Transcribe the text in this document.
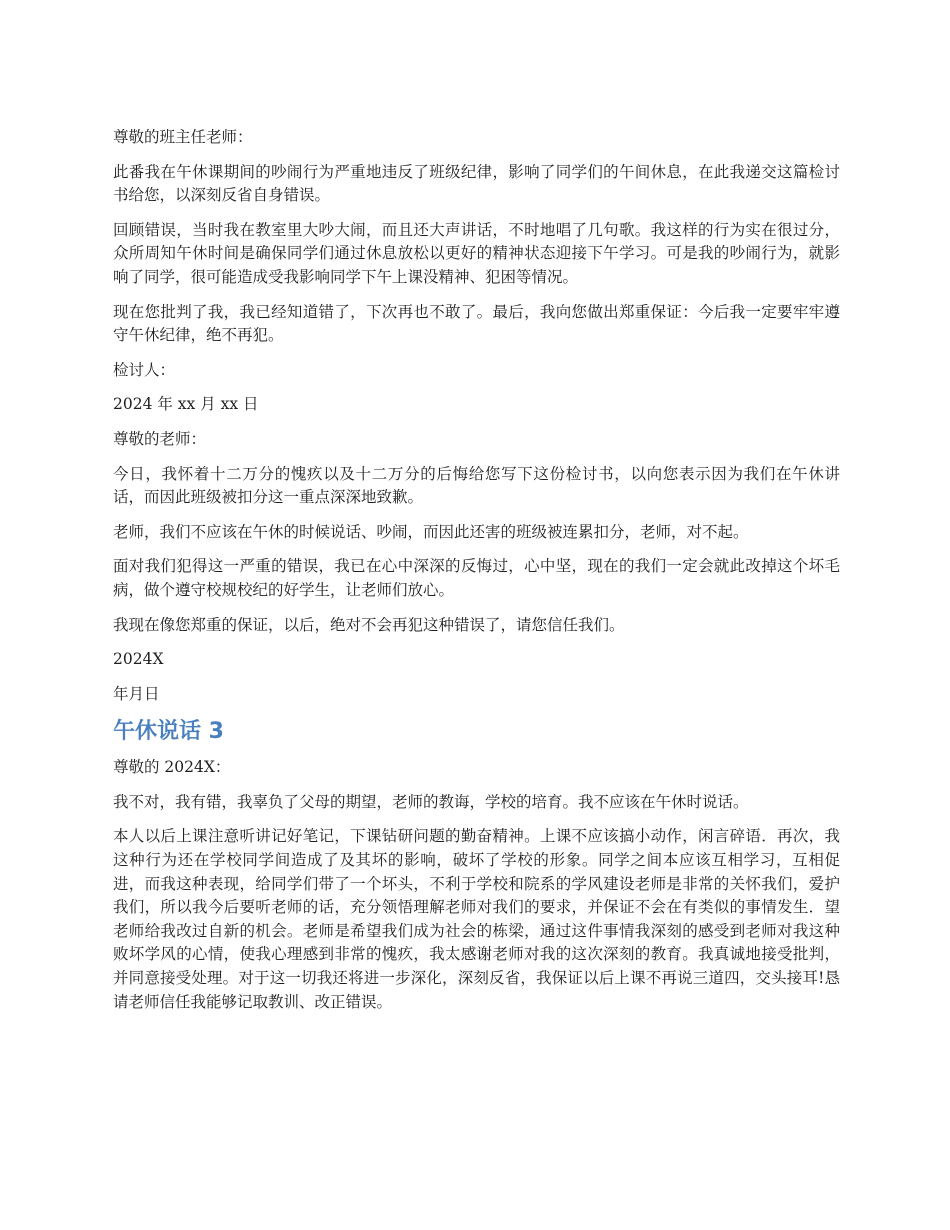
尊敬的班主任老师：

此番我在午休课期间的吵闹行为严重地违反了班级纪律，影响了同学们的午间休息，在此我递交这篇检讨书给您，以深刻反省自身错误。

回顾错误，当时我在教室里大吵大闹，而且还大声讲话，不时地唱了几句歌。我这样的行为实在很过分，众所周知午休时间是确保同学们通过休息放松以更好的精神状态迎接下午学习。可是我的吵闹行为，就影响了同学，很可能造成受我影响同学下午上课没精神、犯困等情况。

现在您批判了我，我已经知道错了，下次再也不敢了。最后，我向您做出郑重保证：今后我一定要牢牢遵守午休纪律，绝不再犯。

检讨人：

2024 年 xx 月 xx 日

尊敬的老师：

今日，我怀着十二万分的愧疚以及十二万分的后悔给您写下这份检讨书，以向您表示因为我们在午休讲话，而因此班级被扣分这一重点深深地致歉。

老师，我们不应该在午休的时候说话、吵闹，而因此还害的班级被连累扣分，老师，对不起。

面对我们犯得这一严重的错误，我已在心中深深的反悔过，心中坚，现在的我们一定会就此改掉这个坏毛病，做个遵守校规校纪的好学生，让老师们放心。

我现在像您郑重的保证，以后，绝对不会再犯这种错误了，请您信任我们。

2024X

年月日

午休说话 3

尊敬的 2024X：

我不对，我有错，我辜负了父母的期望，老师的教诲，学校的培育。我不应该在午休时说话。

本人以后上课注意听讲记好笔记，下课钻研问题的勤奋精神。上课不应该搞小动作，闲言碎语．再次，我这种行为还在学校同学间造成了及其坏的影响，破坏了学校的形象。同学之间本应该互相学习，互相促进，而我这种表现，给同学们带了一个坏头，不利于学校和院系的学风建设老师是非常的关怀我们，爱护我们，所以我今后要听老师的话，充分领悟理解老师对我们的要求，并保证不会在有类似的事情发生．望老师给我改过自新的机会。老师是希望我们成为社会的栋梁，通过这件事情我深刻的感受到老师对我这种败坏学风的心情，使我心理感到非常的愧疚，我太感谢老师对我的这次深刻的教育。我真诚地接受批判，并同意接受处理。对于这一切我还将进一步深化，深刻反省，我保证以后上课不再说三道四，交头接耳!恳请老师信任我能够记取教训、改正错误。
